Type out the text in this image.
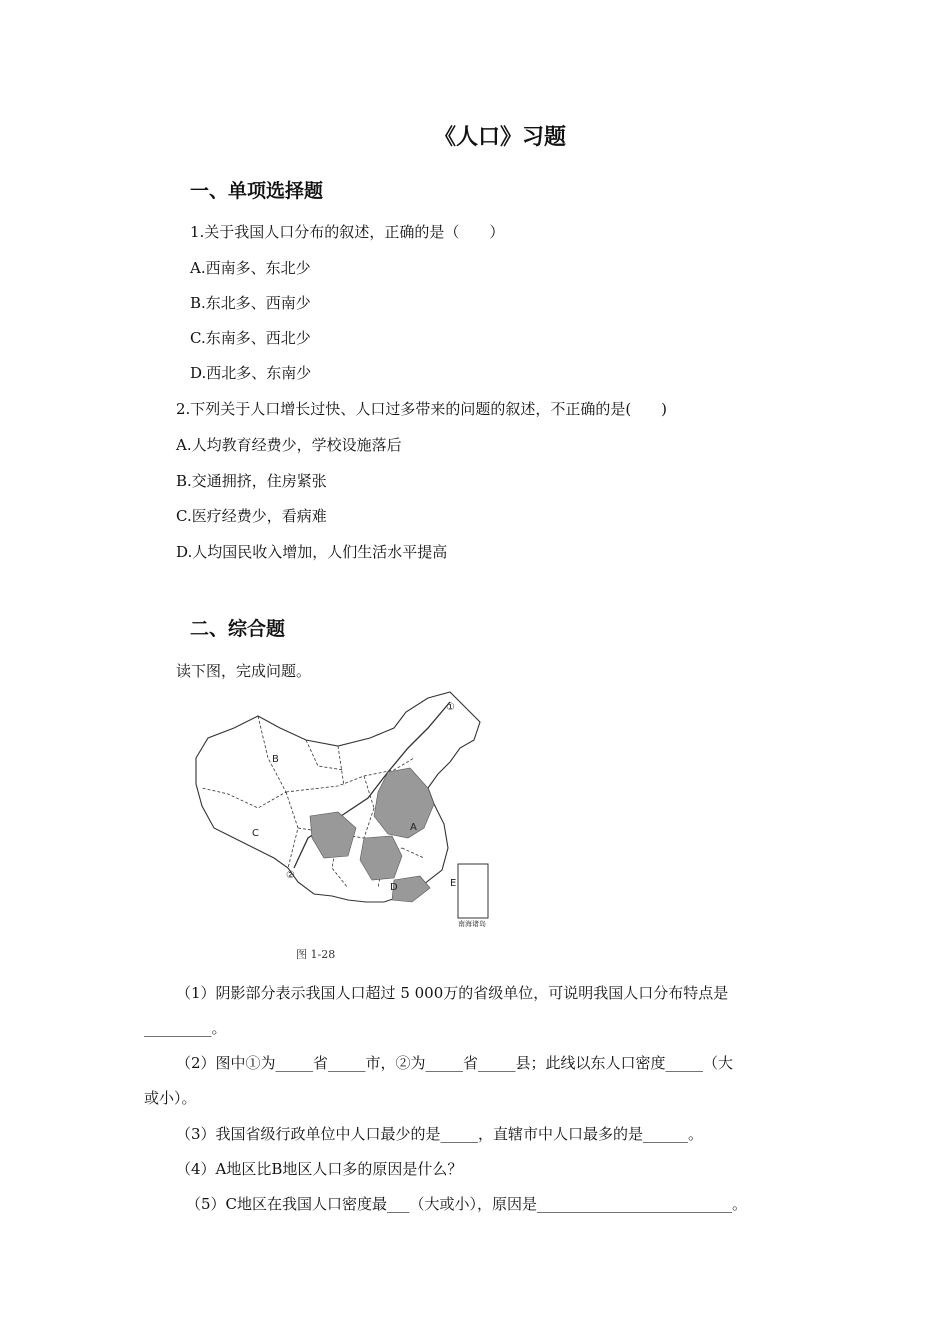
《人口》习题
一、单项选择题
1.关于我国人口分布的叙述，正确的是（　　）
A.西南多、东北少
B.东北多、西南少
C.东南多、西北少
D.西北多、东南少
2.下列关于人口增长过快、人口过多带来的问题的叙述，不正确的是(　　)
A.人均教育经费少，学校设施落后
B.交通拥挤，住房紧张
C.医疗经费少，看病难
D.人均国民收入增加，人们生活水平提高
二、综合题
读下图，完成问题。
B
C
A
D	E
①
②
南海诸岛
图 1-28
（1）阴影部分表示我国人口超过 5 000万的省级单位，可说明我国人口分布特点是
_________。
（2）图中①为_____省_____市，②为_____省_____县；此线以东人口密度_____（大
或小）。
（3）我国省级行政单位中人口最少的是_____，直辖市中人口最多的是______。
（4）A地区比B地区人口多的原因是什么？
（5）C地区在我国人口密度最___（大或小），原因是__________________________。
